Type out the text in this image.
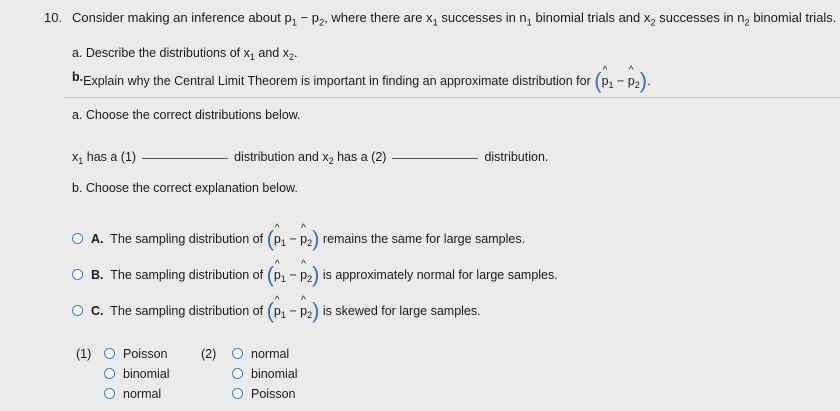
10. Consider making an inference about $p_1 - p_2$, where there are $x_1$ successes in $n_1$ binomial trials and $x_2$ successes in $n_2$ binomial trials.
a. Describe the distributions of $x_1$ and $x_2$.
b.Explain why the Central Limit Theorem is important in finding an approximate distribution for ( ^
$p_1$ −
^
$p_2$).
a. Choose the correct distributions below.
$x_1$ has a (1)	distribution and $x_2$ has a (2)	distribution.
b. Choose the correct explanation below.
A. The sampling distribution of ( ^
$p_1$ −
^
$p_2$) remains the same for large samples.
B. The sampling distribution of ( ^
$p_1$ −
^
$p_2$) is approximately normal for large samples.
C. The sampling distribution of ( ^
$p_1$ −
^
$p_2$) is skewed for large samples.
(1)	Poisson
binomial
normal
(2)	normal
binomial
Poisson
